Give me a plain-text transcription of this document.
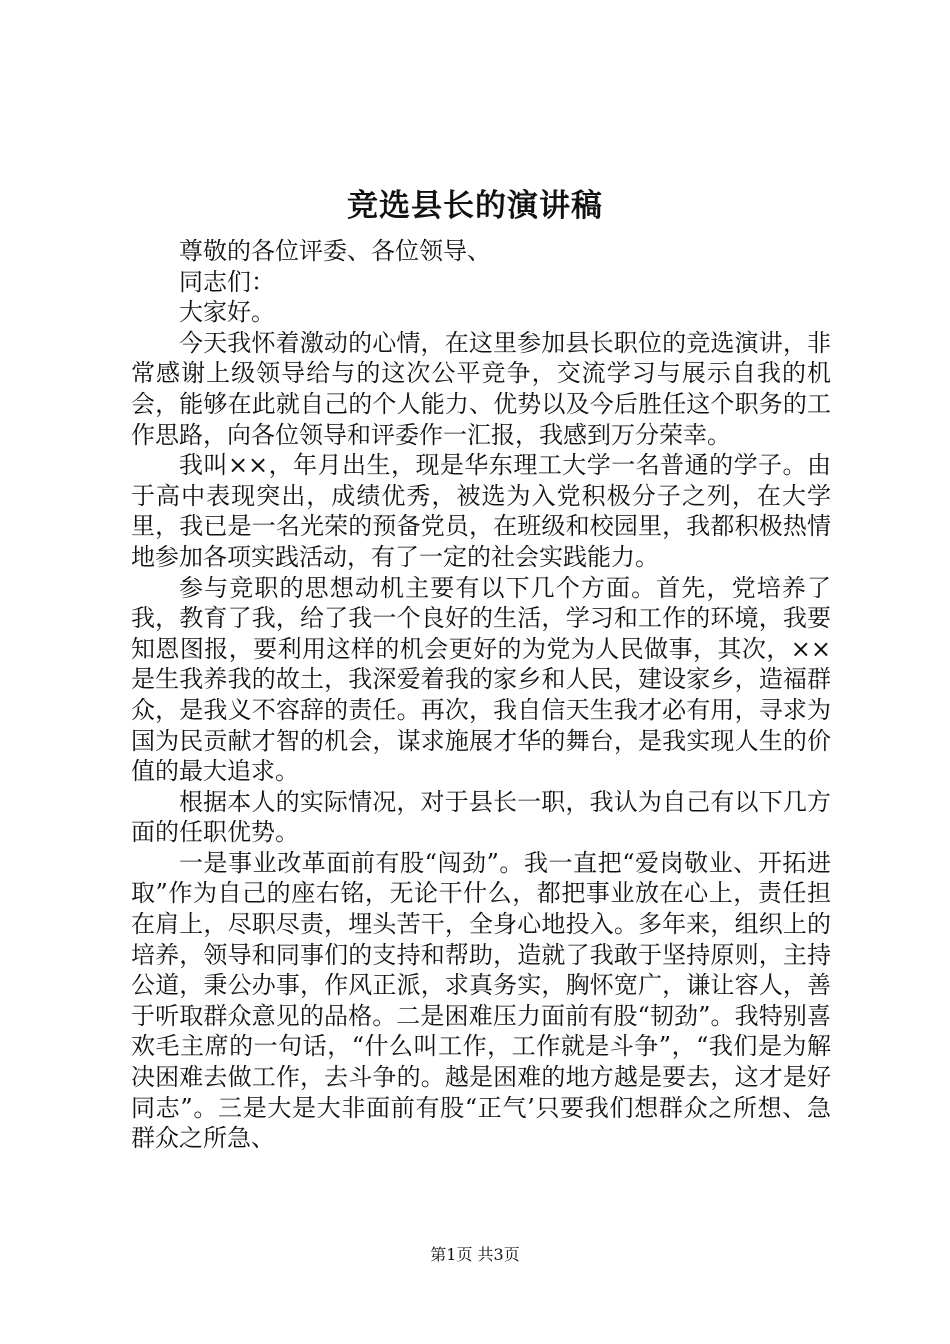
竞选县长的演讲稿

尊敬的各位评委、各位领导、

同志们：

大家好。

今天我怀着激动的心情，在这里参加县长职位的竞选演讲，非常感谢上级领导给与的这次公平竞争，交流学习与展示自我的机会，能够在此就自己的个人能力、优势以及今后胜任这个职务的工作思路，向各位领导和评委作一汇报，我感到万分荣幸。

我叫××，年月出生，现是华东理工大学一名普通的学子。由于高中表现突出，成绩优秀，被选为入党积极分子之列，在大学里，我已是一名光荣的预备党员，在班级和校园里，我都积极热情地参加各项实践活动，有了一定的社会实践能力。

参与竞职的思想动机主要有以下几个方面。首先，党培养了我，教育了我，给了我一个良好的生活，学习和工作的环境，我要知恩图报，要利用这样的机会更好的为党为人民做事，其次，××是生我养我的故土，我深爱着我的家乡和人民，建设家乡，造福群众，是我义不容辞的责任。再次，我自信天生我才必有用，寻求为国为民贡献才智的机会，谋求施展才华的舞台，是我实现人生的价值的最大追求。

根据本人的实际情况，对于县长一职，我认为自己有以下几方面的任职优势。

一是事业改革面前有股“闯劲”。我一直把“爱岗敬业、开拓进取”作为自己的座右铭，无论干什么，都把事业放在心上，责任担在肩上，尽职尽责，埋头苦干，全身心地投入。多年来，组织上的培养，领导和同事们的支持和帮助，造就了我敢于坚持原则，主持公道，秉公办事，作风正派，求真务实，胸怀宽广，谦让容人，善于听取群众意见的品格。二是困难压力面前有股“韧劲”。我特别喜欢毛主席的一句话，“什么叫工作，工作就是斗争”，“我们是为解决困难去做工作，去斗争的。越是困难的地方越是要去，这才是好同志”。三是大是大非面前有股“正气’只要我们想群众之所想、急群众之所急、

第1页 共3页
